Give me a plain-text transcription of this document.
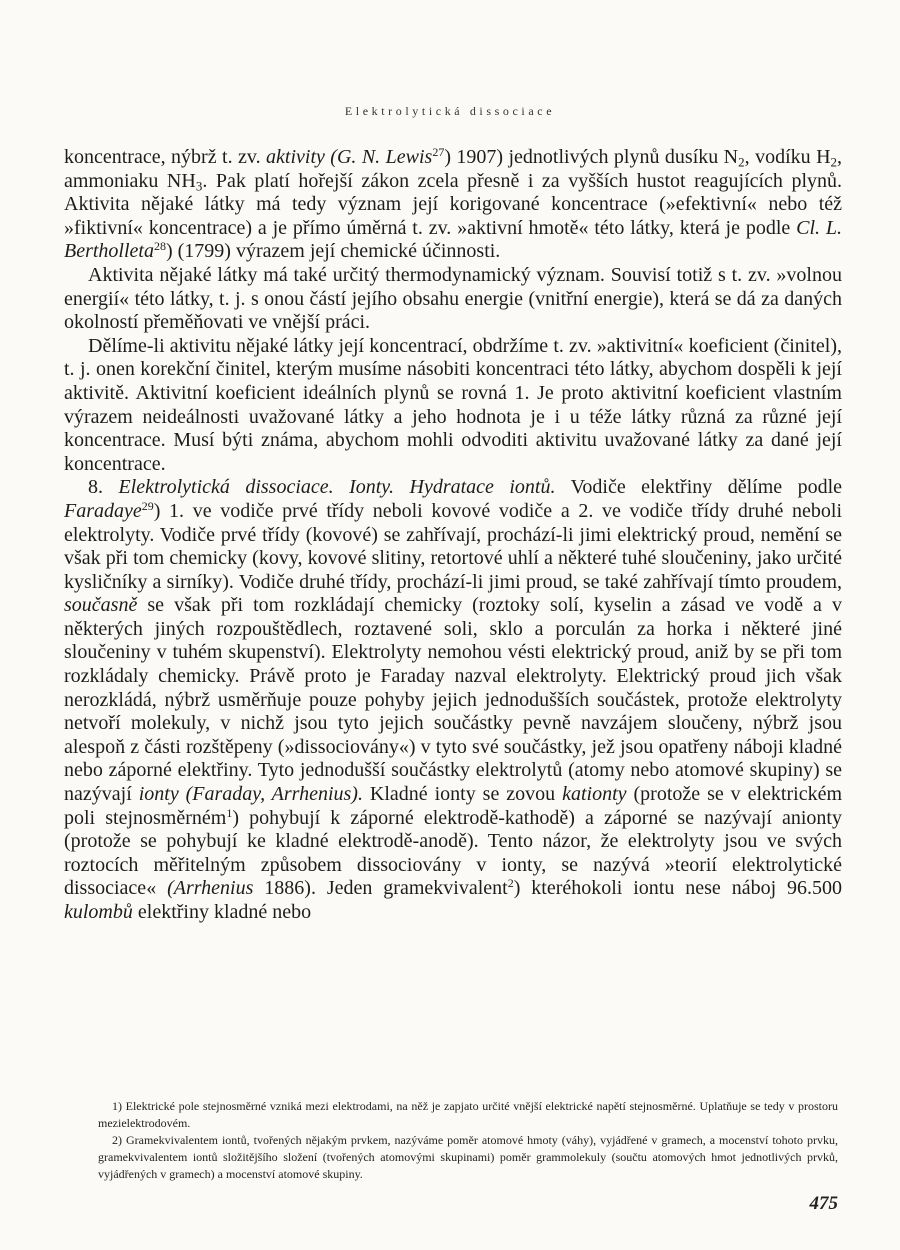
Elektrolytická dissociace

koncentrace, nýbrž t. zv. aktivity (G. N. Lewis$^{27}$) 1907) jednotlivých plynů dusíku $N_2$, vodíku $H_2$, ammoniaku $NH_3$. Pak platí hořejší zákon zcela přesně i za vyšších hustot reagujících plynů. Aktivita nějaké látky má tedy význam její korigované koncentrace (»efektivní« nebo též »fiktivní« koncentrace) a je přímo úměrná t. zv. »aktivní hmotě« této látky, která je podle Cl. L. Bertholleta$^{28}$) (1799) výrazem její chemické účinnosti.

Aktivita nějaké látky má také určitý thermodynamický význam. Souvisí totiž s t. zv. »volnou energií« této látky, t. j. s onou částí jejího obsahu energie (vnitřní energie), která se dá za daných okolností přeměňovati ve vnější práci.

Dělíme-li aktivitu nějaké látky její koncentrací, obdržíme t. zv. »aktivitní« koeficient (činitel), t. j. onen korekční činitel, kterým musíme násobiti koncentraci této látky, abychom dospěli k její aktivitě. Aktivitní koeficient ideálních plynů se rovná 1. Je proto aktivitní koeficient vlastním výrazem neideálnosti uvažované látky a jeho hodnota je i u téže látky různá za různé její koncentrace. Musí býti známa, abychom mohli odvoditi aktivitu uvažované látky za dané její koncentrace.

8. Elektrolytická dissociace. Ionty. Hydratace iontů. Vodiče elektřiny dělíme podle Faradaye$^{29}$) 1. ve vodiče prvé třídy neboli kovové vodiče a 2. ve vodiče třídy druhé neboli elektrolyty. Vodiče prvé třídy (kovové) se zahřívají, prochází-li jimi elektrický proud, nemění se však při tom chemicky (kovy, kovové slitiny, retortové uhlí a některé tuhé sloučeniny, jako určité kysličníky a sirníky). Vodiče druhé třídy, prochází-li jimi proud, se také zahřívají tímto proudem, současně se však při tom rozkládají chemicky (roztoky solí, kyselin a zásad ve vodě a v některých jiných rozpouštědlech, roztavené soli, sklo a porculán za horka i některé jiné sloučeniny v tuhém skupenství). Elektrolyty nemohou vésti elektrický proud, aniž by se při tom rozkládaly chemicky. Právě proto je Faraday nazval elektrolyty. Elektrický proud jich však nerozkládá, nýbrž usměrňuje pouze pohyby jejich jednodušších součástek, protože elektrolyty netvoří molekuly, v nichž jsou tyto jejich součástky pevně navzájem sloučeny, nýbrž jsou alespoň z části rozštěpeny (»dissociovány«) v tyto své součástky, jež jsou opatřeny náboji kladné nebo záporné elektřiny. Tyto jednodušší součástky elektrolytů (atomy nebo atomové skupiny) se nazývají ionty (Faraday, Arrhenius). Kladné ionty se zovou kationty (protože se v elektrickém poli stejnosměrném$^1$) pohybují k záporné elektrodě-kathodě) a záporné se nazývají anionty (protože se pohybují ke kladné elektrodě-anodě). Tento názor, že elektrolyty jsou ve svých roztocích měřitelným způsobem dissociovány v ionty, se nazývá »teorií elektrolytické dissociace« (Arrhenius 1886). Jeden gramekvivalent$^2$) kteréhokoli iontu nese náboj 96.500 kulombů elektřiny kladné nebo

1) Elektrické pole stejnosměrné vzniká mezi elektrodami, na něž je zapjato určité vnější elektrické napětí stejnosměrné. Uplatňuje se tedy v prostoru mezielektrodovém.

2) Gramekvivalentem iontů, tvořených nějakým prvkem, nazýváme poměr atomové hmoty (váhy), vyjádřené v gramech, a mocenství tohoto prvku, gramekvivalentem iontů složitějšího složení (tvořených atomovými skupinami) poměr grammolekuly (součtu atomových hmot jednotlivých prvků, vyjádřených v gramech) a mocenství atomové skupiny.

475
